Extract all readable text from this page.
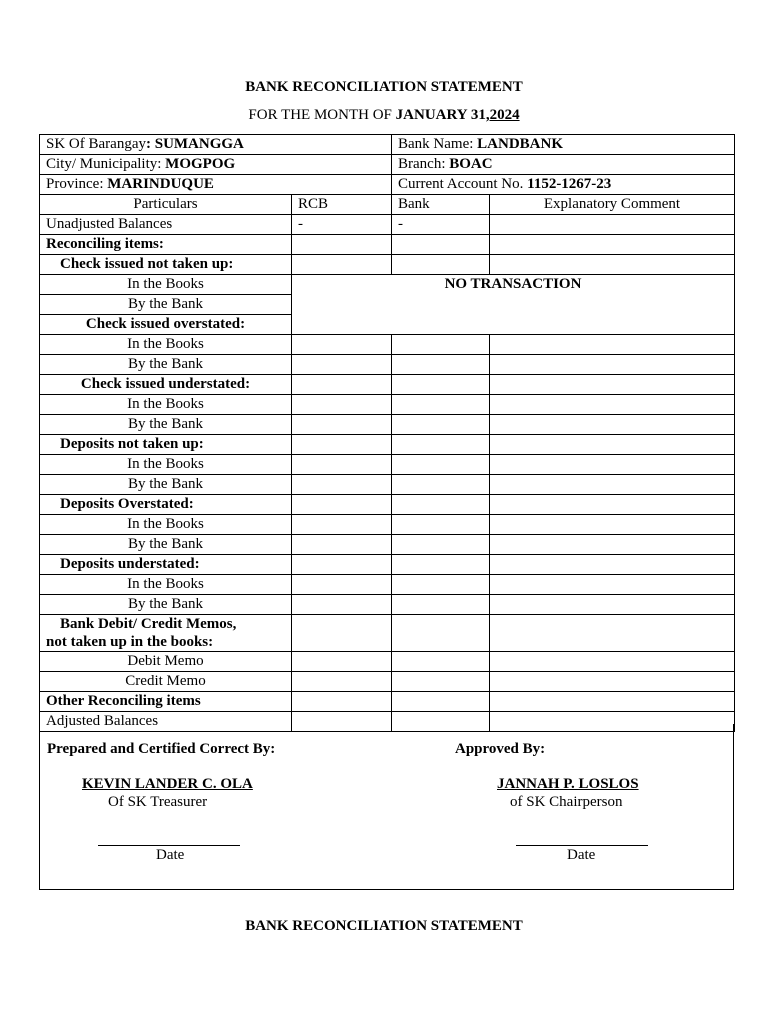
BANK RECONCILIATION STATEMENT
FOR THE MONTH OF JANUARY 31,2024
SK Of Barangay: SUMANGGA		Bank Name: LANDBANK	
City/ Municipality: MOGPOG		Branch: BOAC	
Province: MARINDUQUE		Current Account No. 1152-1267-23	
Particulars	RCB	Bank	Explanatory Comment
Unadjusted Balances	-	-	
Reconciling items:			
Check issued not taken up:			
In the Books	NO TRANSACTION		
By the Bank			
Check issued overstated:			
In the Books			
By the Bank			
Check issued understated:			
In the Books			
By the Bank			
Deposits not taken up:			
In the Books			
By the Bank			
Deposits Overstated:			
In the Books			
By the Bank			
Deposits understated:			
In the Books			
By the Bank			
Bank Debit/ Credit Memos,
not taken up in the books:			
Debit Memo			
Credit Memo			
Other Reconciling items			
Adjusted Balances			
Prepared and Certified Correct By:	Approved By:
KEVIN LANDER C. OLA
Of SK Treasurer
JANNAH P. LOSLOS
of SK Chairperson
Date	Date
BANK RECONCILIATION STATEMENT
